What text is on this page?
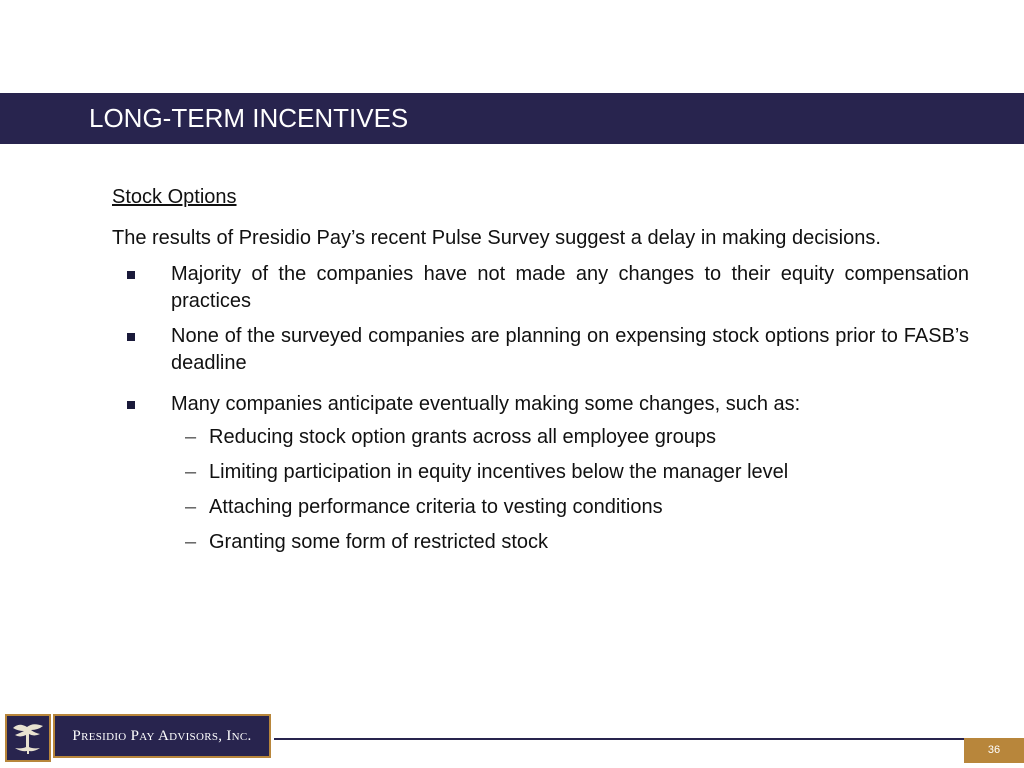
LONG-TERM INCENTIVES
Stock Options
The results of Presidio Pay’s recent Pulse Survey suggest a delay in making decisions.
Majority of the companies have not made any changes to their equity compensation practices
None of the surveyed companies are planning on expensing stock options prior to FASB’s deadline
Many companies anticipate eventually making some changes, such as:
– Reducing stock option grants across all employee groups
– Limiting participation in equity incentives below the manager level
– Attaching performance criteria to vesting conditions
– Granting some form of restricted stock
Presidio Pay Advisors, Inc.
36
